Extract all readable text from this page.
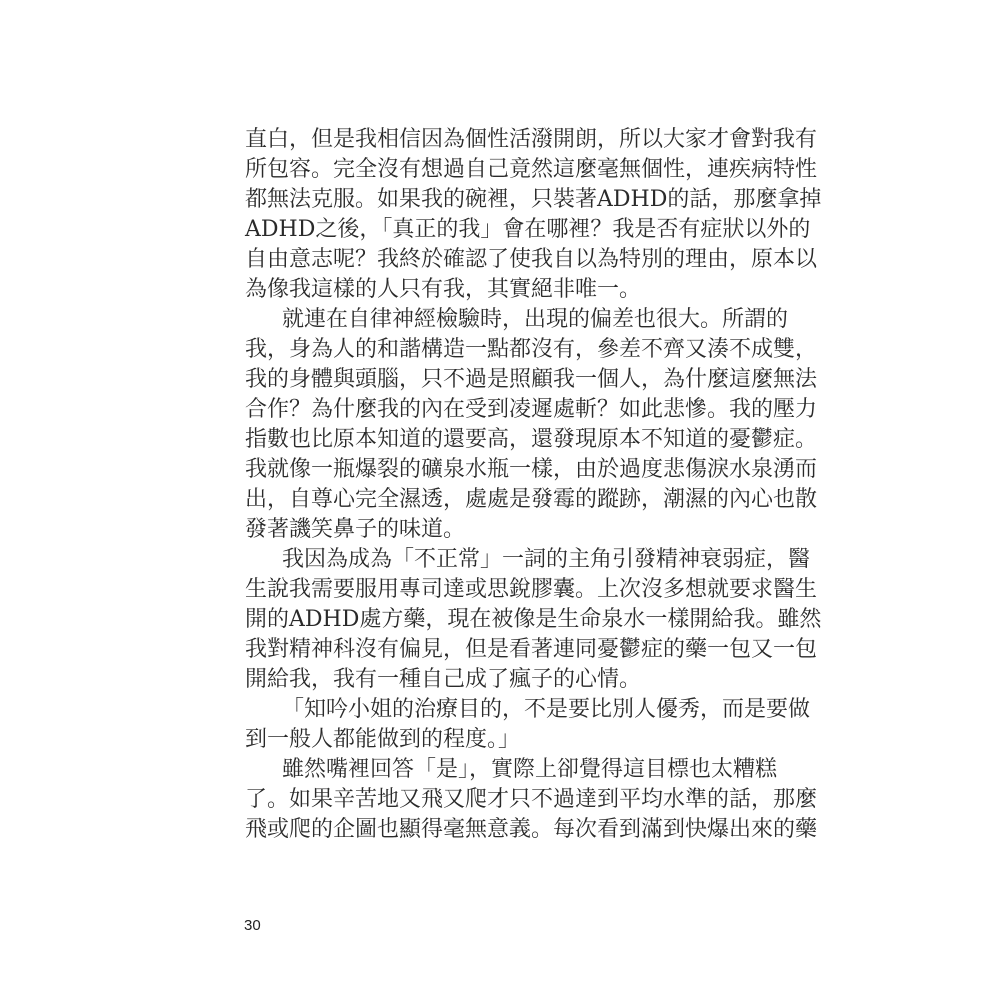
直白，但是我相信因為個性活潑開朗，所以大家才會對我有
所包容。完全沒有想過自己竟然這麼毫無個性，連疾病特性
都無法克服。如果我的碗裡，只裝著ADHD的話，那麼拿掉
ADHD之後，「真正的我」會在哪裡？我是否有症狀以外的
自由意志呢？我終於確認了使我自以為特別的理由，原本以
為像我這樣的人只有我，其實絕非唯一。
就連在自律神經檢驗時，出現的偏差也很大。所謂的
我，身為人的和諧構造一點都沒有，參差不齊又湊不成雙，
我的身體與頭腦，只不過是照顧我一個人，為什麼這麼無法
合作？為什麼我的內在受到凌遲處斬？如此悲慘。我的壓力
指數也比原本知道的還要高，還發現原本不知道的憂鬱症。
我就像一瓶爆裂的礦泉水瓶一樣，由於過度悲傷淚水泉湧而
出，自尊心完全濕透，處處是發霉的蹤跡，潮濕的內心也散
發著譏笑鼻子的味道。
我因為成為「不正常」一詞的主角引發精神衰弱症，醫
生說我需要服用專司達或思銳膠囊。上次沒多想就要求醫生
開的ADHD處方藥，現在被像是生命泉水一樣開給我。雖然
我對精神科沒有偏見，但是看著連同憂鬱症的藥一包又一包
開給我，我有一種自己成了瘋子的心情。
「知吟小姐的治療目的，不是要比別人優秀，而是要做
到一般人都能做到的程度。」
雖然嘴裡回答「是」，實際上卻覺得這目標也太糟糕
了。如果辛苦地又飛又爬才只不過達到平均水準的話，那麼
飛或爬的企圖也顯得毫無意義。每次看到滿到快爆出來的藥
30
